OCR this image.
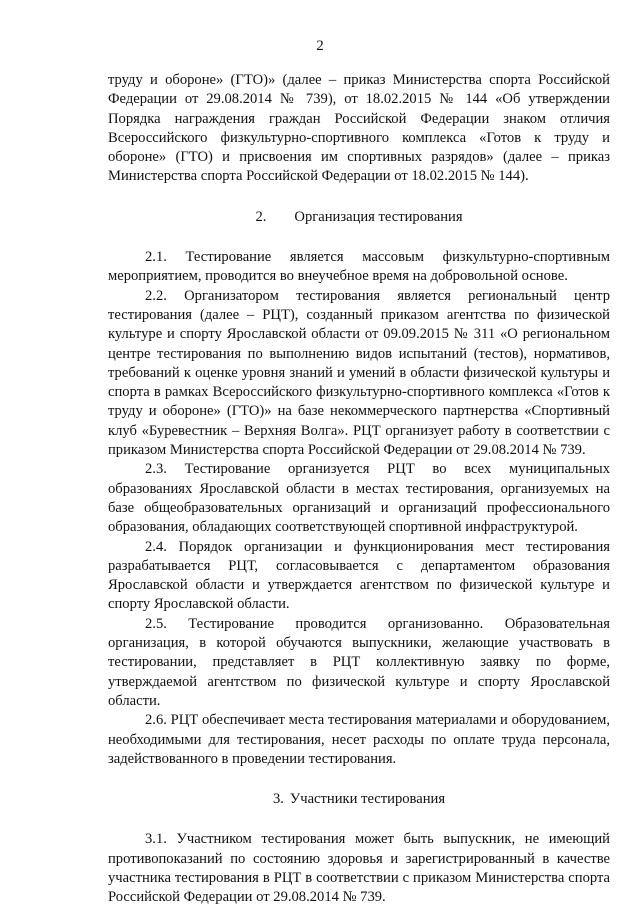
2

труду и обороне» (ГТО)» (далее – приказ Министерства спорта Российской Федерации от 29.08.2014 № 739), от 18.02.2015 № 144 «Об утверждении Порядка награждения граждан Российской Федерации знаком отличия Всероссийского физкультурно-спортивного комплекса «Готов к труду и обороне» (ГТО) и присвоения им спортивных разрядов» (далее – приказ Министерства спорта Российской Федерации от 18.02.2015 № 144).

2. Организация тестирования

2.1. Тестирование является массовым физкультурно-спортивным мероприятием, проводится во внеучебное время на добровольной основе.

2.2. Организатором тестирования является региональный центр тестирования (далее – РЦТ), созданный приказом агентства по физической культуре и спорту Ярославской области от 09.09.2015 № 311 «О региональном центре тестирования по выполнению видов испытаний (тестов), нормативов, требований к оценке уровня знаний и умений в области физической культуры и спорта в рамках Всероссийского физкультурно-спортивного комплекса «Готов к труду и обороне» (ГТО)» на базе некоммерческого партнерства «Спортивный клуб «Буревестник – Верхняя Волга». РЦТ организует работу в соответствии с приказом Министерства спорта Российской Федерации от 29.08.2014 № 739.

2.3. Тестирование организуется РЦТ во всех муниципальных образованиях Ярославской области в местах тестирования, организуемых на базе общеобразовательных организаций и организаций профессионального образования, обладающих соответствующей спортивной инфраструктурой.

2.4. Порядок организации и функционирования мест тестирования разрабатывается РЦТ, согласовывается с департаментом образования Ярославской области и утверждается агентством по физической культуре и спорту Ярославской области.

2.5. Тестирование проводится организованно. Образовательная организация, в которой обучаются выпускники, желающие участвовать в тестировании, представляет в РЦТ коллективную заявку по форме, утверждаемой агентством по физической культуре и спорту Ярославской области.

2.6. РЦТ обеспечивает места тестирования материалами и оборудованием, необходимыми для тестирования, несет расходы по оплате труда персонала, задействованного в проведении тестирования.

3. Участники тестирования

3.1. Участником тестирования может быть выпускник, не имеющий противопоказаний по состоянию здоровья и зарегистрированный в качестве участника тестирования в РЦТ в соответствии с приказом Министерства спорта Российской Федерации от 29.08.2014 № 739.
